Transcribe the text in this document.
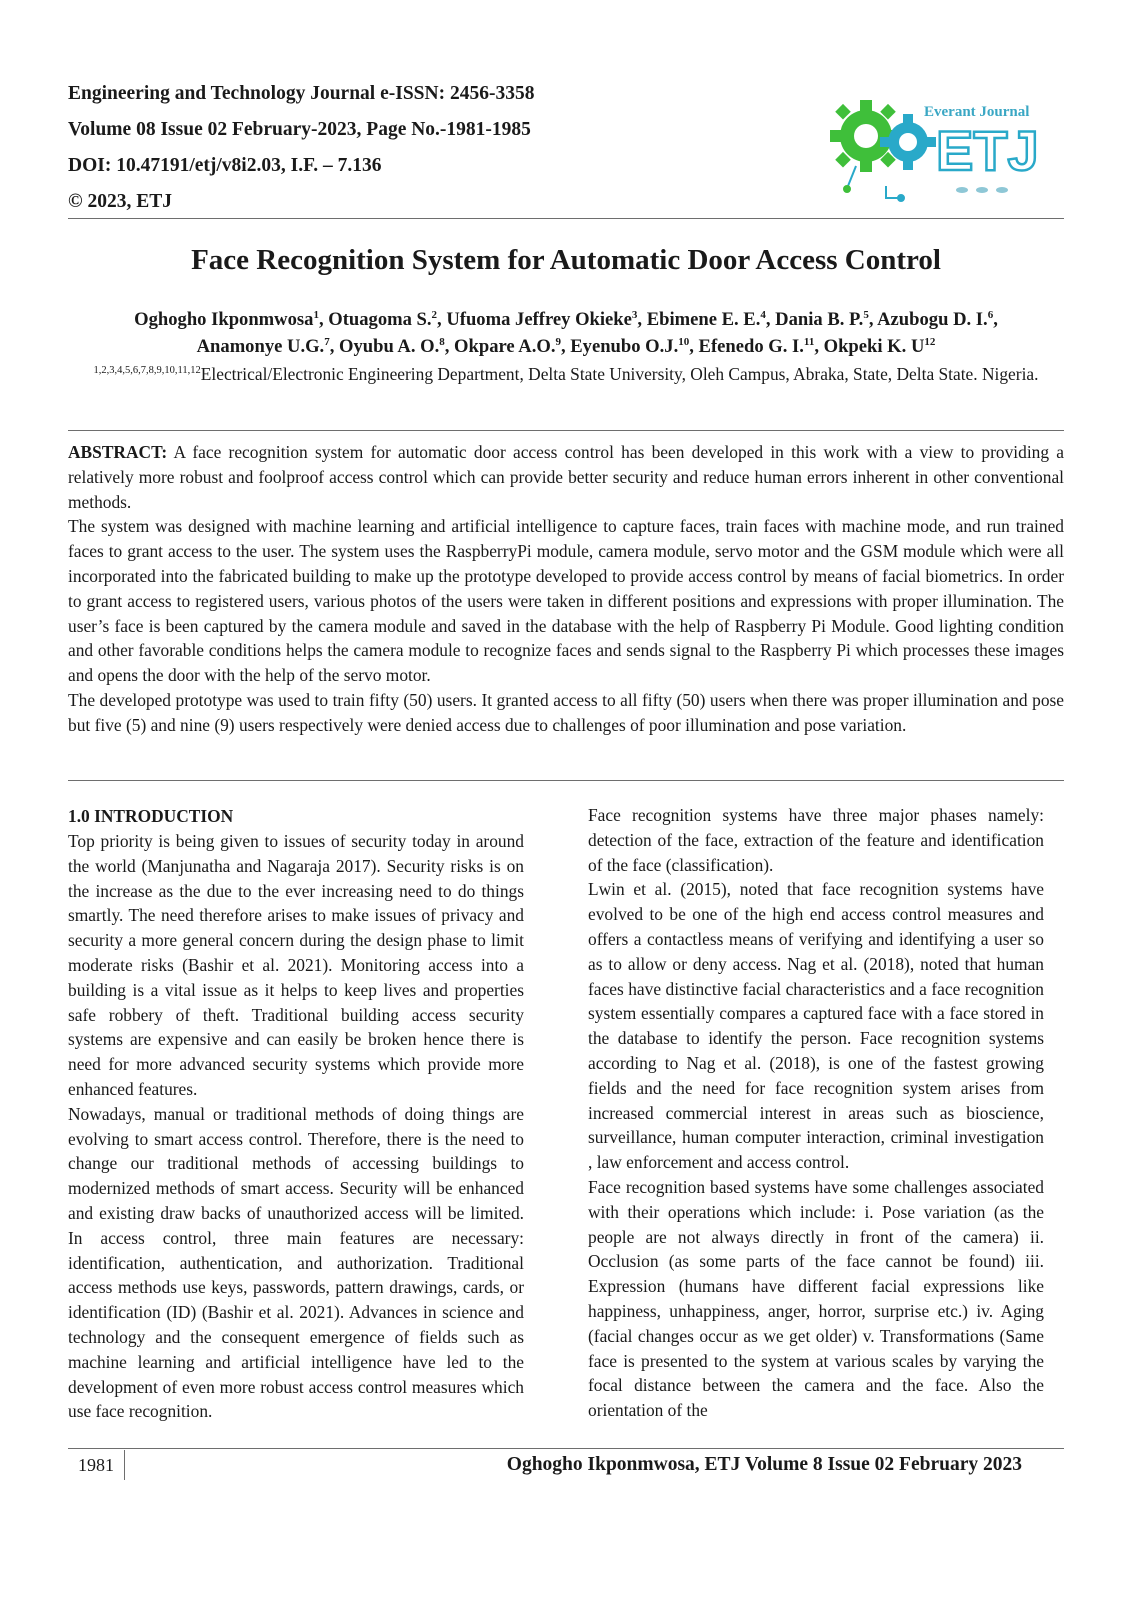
Engineering and Technology Journal e-ISSN: 2456-3358
Volume 08 Issue 02 February-2023, Page No.-1981-1985
DOI: 10.47191/etj/v8i2.03, I.F. – 7.136
© 2023, ETJ
Everant Journal
ETJ
Face Recognition System for Automatic Door Access Control
Oghogho Ikponmwosa$^1$, Otuagoma S.$^2$, Ufuoma Jeffrey Okieke$^3$, Ebimene E. E.$^4$, Dania B. P.$^5$, Azubogu D. I.$^6$,
Anamonye U.G.$^7$, Oyubu A. O.$^8$, Okpare A.O.$^9$, Eyenubo O.J.$^{10}$, Efenedo G. I.$^{11}$, Okpeki K. $U^{12}$
$^{1,2,3,4,5,6,7,8,9,10,11,12}$Electrical/Electronic Engineering Department, Delta State University, Oleh Campus, Abraka, State, Delta State. Nigeria.

ABSTRACT: A face recognition system for automatic door access control has been developed in this work with a view to providing a relatively more robust and foolproof access control which can provide better security and reduce human errors inherent in other conventional methods.

The system was designed with machine learning and artificial intelligence to capture faces, train faces with machine mode, and run trained faces to grant access to the user. The system uses the RaspberryPi module, camera module, servo motor and the GSM module which were all incorporated into the fabricated building to make up the prototype developed to provide access control by means of facial biometrics. In order to grant access to registered users, various photos of the users were taken in different positions and expressions with proper illumination. The user’s face is been captured by the camera module and saved in the database with the help of Raspberry Pi Module. Good lighting condition and other favorable conditions helps the camera module to recognize faces and sends signal to the Raspberry Pi which processes these images and opens the door with the help of the servo motor.

The developed prototype was used to train fifty (50) users. It granted access to all fifty (50) users when there was proper illumination and pose but five (5) and nine (9) users respectively were denied access due to challenges of poor illumination and pose variation.

1.0 INTRODUCTION

Top priority is being given to issues of security today in around the world (Manjunatha and Nagaraja 2017). Security risks is on the increase as the due to the ever increasing need to do things smartly. The need therefore arises to make issues of privacy and security a more general concern during the design phase to limit moderate risks (Bashir et al. 2021). Monitoring access into a building is a vital issue as it helps to keep lives and properties safe robbery of theft. Traditional building access security systems are expensive and can easily be broken hence there is need for more advanced security systems which provide more enhanced features.

Nowadays, manual or traditional methods of doing things are evolving to smart access control. Therefore, there is the need to change our traditional methods of accessing buildings to modernized methods of smart access. Security will be enhanced and existing draw backs of unauthorized access will be limited. In access control, three main features are necessary: identification, authentication, and authorization. Traditional access methods use keys, passwords, pattern drawings, cards, or identification (ID) (Bashir et al. 2021). Advances in science and technology and the consequent emergence of fields such as machine learning and artificial intelligence have led to the development of even more robust access control measures which use face recognition.

Face recognition systems have three major phases namely: detection of the face, extraction of the feature and identification of the face (classification).

Lwin et al. (2015), noted that face recognition systems have evolved to be one of the high end access control measures and offers a contactless means of verifying and identifying a user so as to allow or deny access. Nag et al. (2018), noted that human faces have distinctive facial characteristics and a face recognition system essentially compares a captured face with a face stored in the database to identify the person. Face recognition systems according to Nag et al. (2018), is one of the fastest growing fields and the need for face recognition system arises from increased commercial interest in areas such as bioscience, surveillance, human computer interaction, criminal investigation , law enforcement and access control.

Face recognition based systems have some challenges associated with their operations which include: i. Pose variation (as the people are not always directly in front of the camera) ii. Occlusion (as some parts of the face cannot be found) iii. Expression (humans have different facial expressions like happiness, unhappiness, anger, horror, surprise etc.) iv. Aging (facial changes occur as we get older) v. Transformations (Same face is presented to the system at various scales by varying the focal distance between the camera and the face. Also the orientation of the

1981	Oghogho Ikponmwosa, ETJ Volume 8 Issue 02 February 2023
